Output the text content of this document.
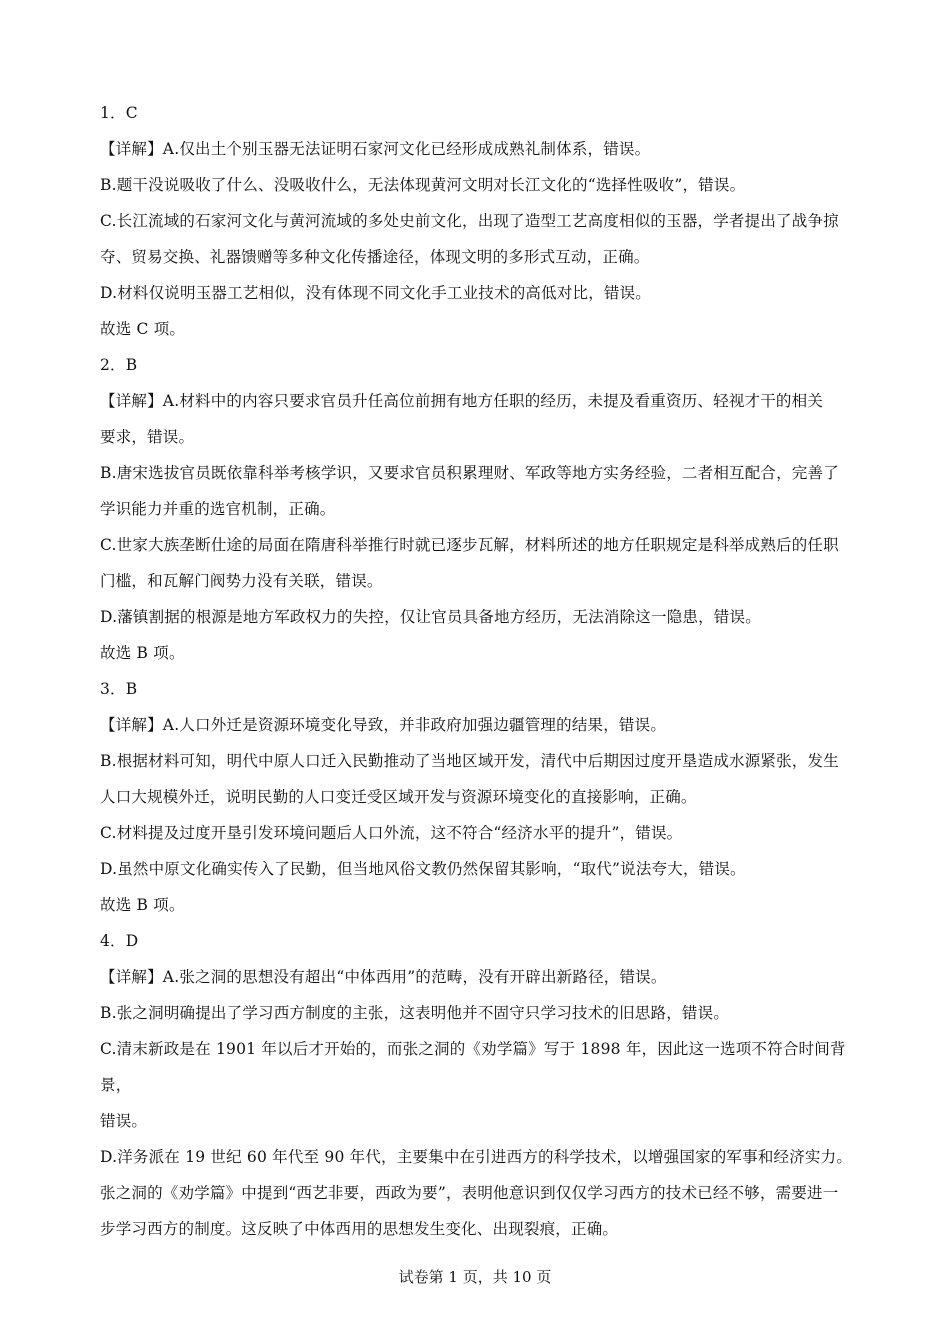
1．C

【详解】A.仅出土个别玉器无法证明石家河文化已经形成成熟礼制体系，错误。

B.题干没说吸收了什么、没吸收什么，无法体现黄河文明对长江文化的“选择性吸收”，错误。

C.长江流域的石家河文化与黄河流域的多处史前文化，出现了造型工艺高度相似的玉器，学者提出了战争掠

夺、贸易交换、礼器馈赠等多种文化传播途径，体现文明的多形式互动，正确。

D.材料仅说明玉器工艺相似，没有体现不同文化手工业技术的高低对比，错误。

故选 C 项。

2．B

【详解】A.材料中的内容只要求官员升任高位前拥有地方任职的经历，未提及看重资历、轻视才干的相关

要求，错误。

B.唐宋选拔官员既依靠科举考核学识，又要求官员积累理财、军政等地方实务经验，二者相互配合，完善了

学识能力并重的选官机制，正确。

C.世家大族垄断仕途的局面在隋唐科举推行时就已逐步瓦解，材料所述的地方任职规定是科举成熟后的任职

门槛，和瓦解门阀势力没有关联，错误。

D.藩镇割据的根源是地方军政权力的失控，仅让官员具备地方经历，无法消除这一隐患，错误。

故选 B 项。

3．B

【详解】A.人口外迁是资源环境变化导致，并非政府加强边疆管理的结果，错误。

B.根据材料可知，明代中原人口迁入民勤推动了当地区域开发，清代中后期因过度开垦造成水源紧张，发生

人口大规模外迁，说明民勤的人口变迁受区域开发与资源环境变化的直接影响，正确。

C.材料提及过度开垦引发环境问题后人口外流，这不符合“经济水平的提升”，错误。

D.虽然中原文化确实传入了民勤，但当地风俗文教仍然保留其影响，“取代”说法夸大，错误。

故选 B 项。

4．D

【详解】A.张之洞的思想没有超出“中体西用”的范畴，没有开辟出新路径，错误。

B.张之洞明确提出了学习西方制度的主张，这表明他并不固守只学习技术的旧思路，错误。

C.清末新政是在 1901 年以后才开始的，而张之洞的《劝学篇》写于 1898 年，因此这一选项不符合时间背景，

错误。

D.洋务派在 19 世纪 60 年代至 90 年代，主要集中在引进西方的科学技术，以增强国家的军事和经济实力。

张之洞的《劝学篇》中提到“西艺非要，西政为要”，表明他意识到仅仅学习西方的技术已经不够，需要进一

步学习西方的制度。这反映了中体西用的思想发生变化、出现裂痕，正确。

试卷第 1 页，共 10 页
